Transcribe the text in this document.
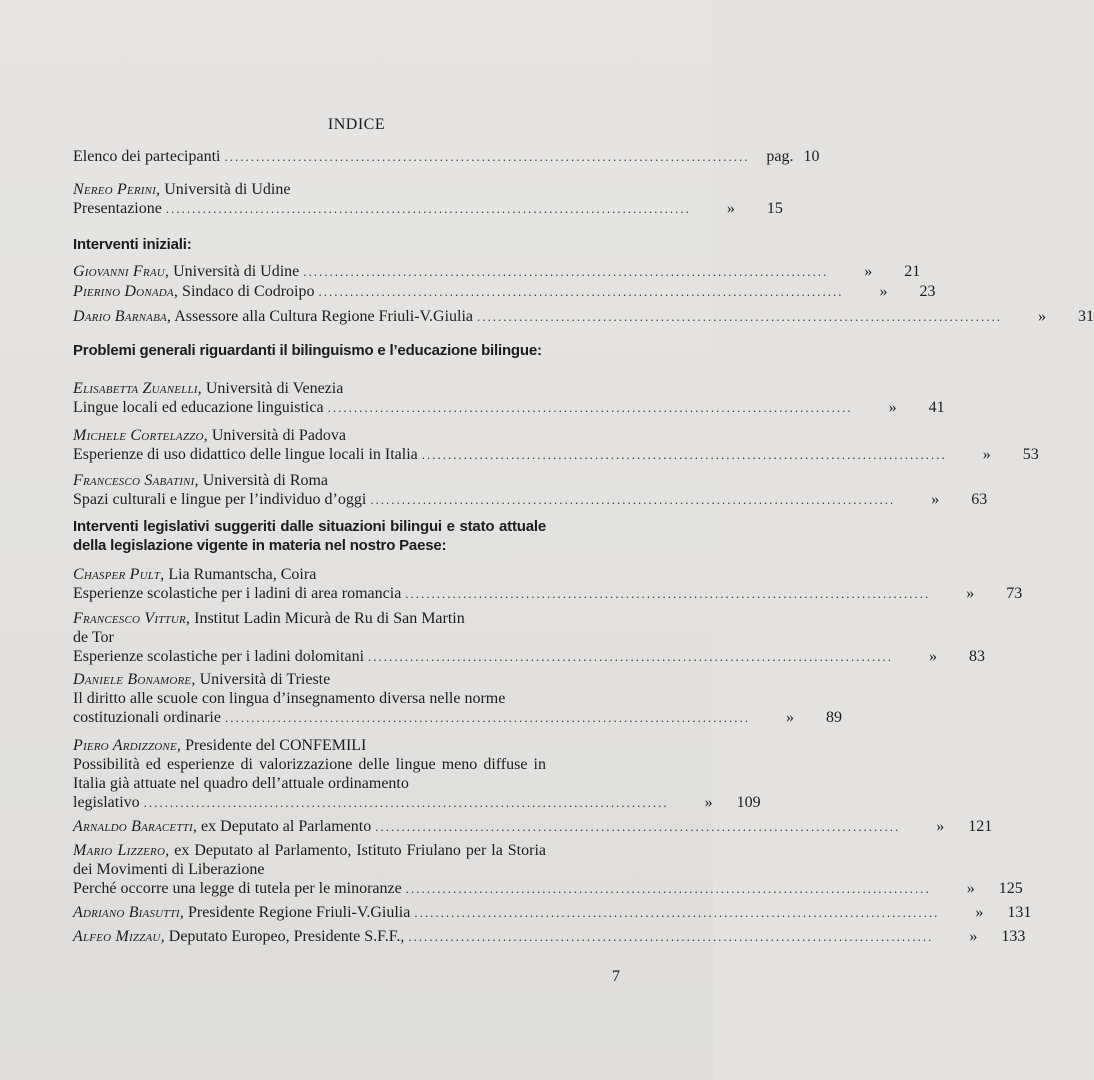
INDICE
Elenco dei partecipanti ....................................................................................................	pag. 10
Nereo Perini, Università di Udine
Presentazione ....................................................................................................	»	15
Interventi iniziali:
Giovanni Frau, Università di Udine ....................................................................................................	»	21
Pierino Donada, Sindaco di Codroipo ....................................................................................................	»	23
Dario Barnaba, Assessore alla Cultura Regione Friuli-V.Giulia ....................................................................................................	»	31
Problemi generali riguardanti il bilinguismo e l’educazione bilingue:
Elisabetta Zuanelli, Università di Venezia
Lingue locali ed educazione linguistica ....................................................................................................	»	41
Michele Cortelazzo, Università di Padova
Esperienze di uso didattico delle lingue locali in Italia ....................................................................................................	»	53
Francesco Sabatini, Università di Roma
Spazi culturali e lingue per l’individuo d’oggi ....................................................................................................	»	63
Interventi legislativi suggeriti dalle situazioni bilingui e stato attuale della legislazione vigente in materia nel nostro Paese:
Chasper Pult, Lia Rumantscha, Coira
Esperienze scolastiche per i ladini di area romancia ....................................................................................................	»	73
Francesco Vittur, Institut Ladin Micurà de Ru di San Martin de Tor
Esperienze scolastiche per i ladini dolomitani ....................................................................................................	»	83
Daniele Bonamore, Università di Trieste
Il diritto alle scuole con lingua d’insegnamento diversa nelle norme
costituzionali ordinarie ....................................................................................................	»	89
Piero Ardizzone, Presidente del CONFEMILI
Possibilità ed esperienze di valorizzazione delle lingue meno diffuse in Italia già attuate nel quadro dell’attuale ordinamento
legislativo ....................................................................................................	»	109
Arnaldo Baracetti, ex Deputato al Parlamento ....................................................................................................	»	121
Mario Lizzero, ex Deputato al Parlamento, Istituto Friulano per la Storia dei Movimenti di Liberazione
Perché occorre una legge di tutela per le minoranze ....................................................................................................	»	125
Adriano Biasutti, Presidente Regione Friuli-V.Giulia ....................................................................................................	»	131
Alfeo Mizzau, Deputato Europeo, Presidente S.F.F., ....................................................................................................	»	133
7
